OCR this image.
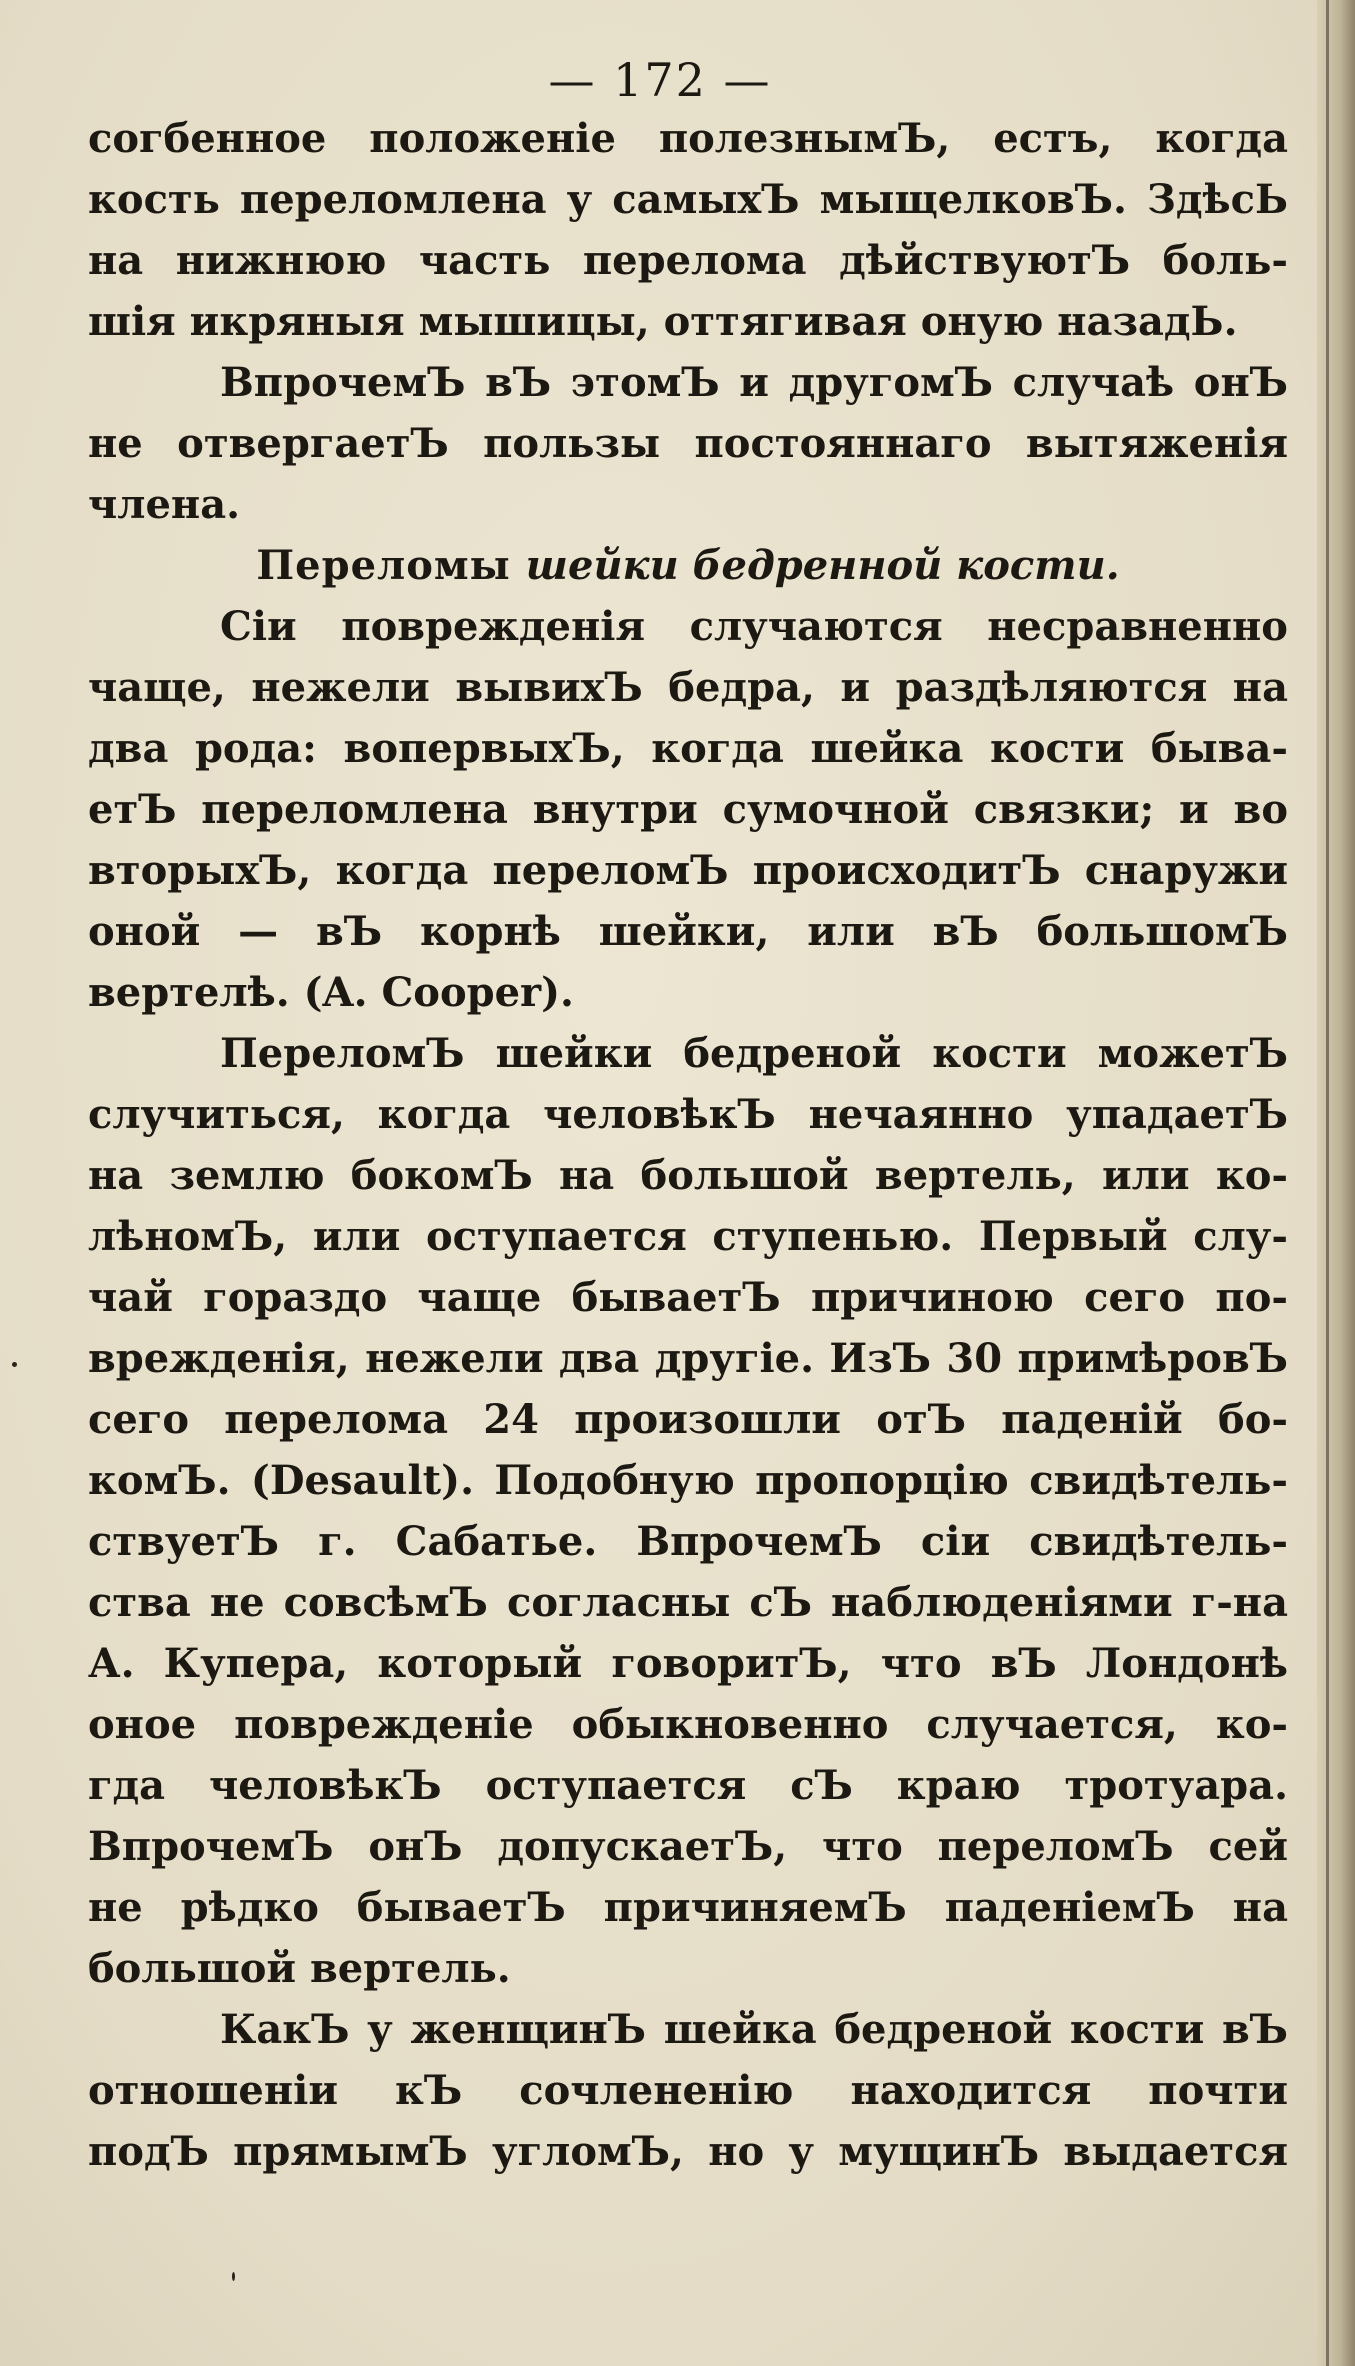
— 172 —
согбенное положеніе полезнымЪ, естъ, когда
кость переломлена у самыхЪ мыщелковЪ. ЗдѣсЬ
на нижнюю часть перелома дѣйствуютЪ боль-
шія икряныя мышицы, оттягивая оную назадЬ.
ВпрочемЪ вЪ этомЪ и другомЪ случаѣ онЪ
не отвергаетЪ пользы постояннаго вытяженія
члена.
Переломы шейки бедренной кости.
Сіи поврежденія случаются несравненно
чаще, нежели вывихЪ бедра, и раздѣляются на
два рода: вопервыхЪ, когда шейка кости быва-
етЪ переломлена внутри сумочной связки; и во
вторыхЪ, когда переломЪ происходитЪ снаружи
оной — вЪ корнѣ шейки, или вЪ большомЪ
вертелѣ. (A. Cooper).
ПереломЪ шейки бедреной кости можетЪ
случиться, когда человѣкЪ нечаянно упадаетЪ
на землю бокомЪ на большой вертель, или ко-
лѣномЪ, или оступается ступенью. Первый слу-
чай гораздо чаще бываетЪ причиною сего по-
врежденія, нежели два другіе. ИзЪ 30 примѣровЪ
сего перелома 24 произошли отЪ паденій бо-
комЪ. (Desault). Подобную пропорцію свидѣтель-
ствуетЪ г. Сабатье. ВпрочемЪ сіи свидѣтель-
ства не совсѣмЪ согласны сЪ наблюденіями г-на
А. Купера, который говоритЪ, что вЪ Лондонѣ
оное поврежденіе обыкновенно случается, ко-
гда человѣкЪ оступается сЪ краю тротуара.
ВпрочемЪ онЪ допускаетЪ, что переломЪ сей
не рѣдко бываетЪ причиняемЪ паденіемЪ на
большой вертель.
КакЪ у женщинЪ шейка бедреной кости вЪ
отношеніи кЪ сочлененію находится почти
подЪ прямымЪ угломЪ, но у мущинЪ выдается
